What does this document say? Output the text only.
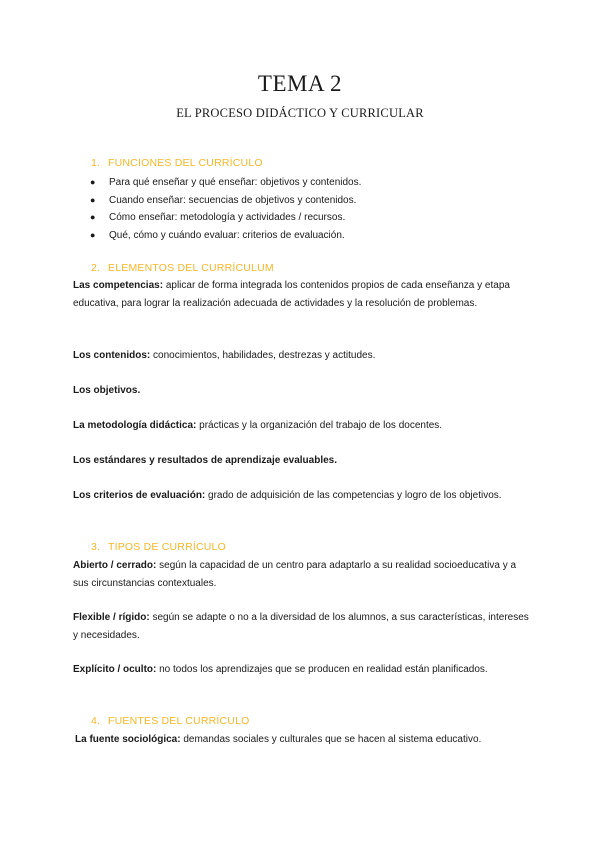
TEMA 2
EL PROCESO DIDÁCTICO Y CURRICULAR
1. FUNCIONES DEL CURRÍCULO
● Para qué enseñar y qué enseñar: objetivos y contenidos.
● Cuando enseñar: secuencias de objetivos y contenidos.
● Cómo enseñar: metodología y actividades / recursos.
● Qué, cómo y cuándo evaluar: criterios de evaluación.
2. ELEMENTOS DEL CURRÍCULUM

Las competencias: aplicar de forma integrada los contenidos propios de cada enseñanza y etapa educativa, para lograr la realización adecuada de actividades y la resolución de problemas.

Los contenidos: conocimientos, habilidades, destrezas y actitudes.

Los objetivos.

La metodología didáctica: prácticas y la organización del trabajo de los docentes.

Los estándares y resultados de aprendizaje evaluables.

Los criterios de evaluación: grado de adquisición de las competencias y logro de los objetivos.

3. TIPOS DE CURRÍCULO

Abierto / cerrado: según la capacidad de un centro para adaptarlo a su realidad socioeducativa y a sus circunstancias contextuales.

Flexible / rígido: según se adapte o no a la diversidad de los alumnos, a sus características, intereses y necesidades.

Explícito / oculto: no todos los aprendizajes que se producen en realidad están planificados.

4. FUENTES DEL CURRÍCULO

La fuente sociológica: demandas sociales y culturales que se hacen al sistema educativo.
